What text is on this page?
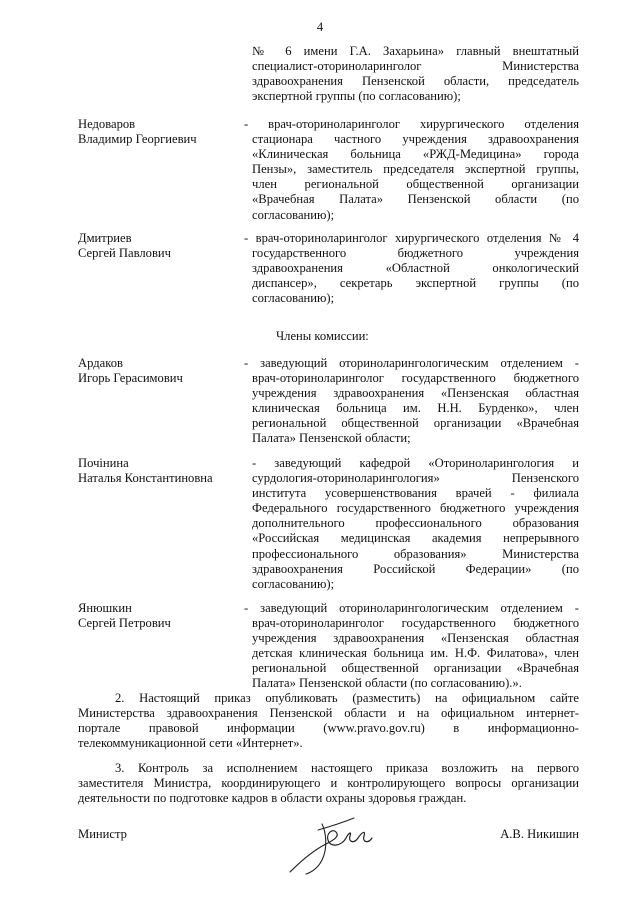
4
№ 6 имени Г.А. Захарьина» главный внештатный
специалист-оториноларинголог Министерства
здравоохранения Пензенской области, председатель
экспертной группы (по согласованию);
Недоваров
Владимир Георгиевич
- врач-оториноларинголог хирургического отделения
стационара частного учреждения здравоохранения
«Клиническая больница «РЖД-Медицина» города
Пензы», заместитель председателя экспертной группы,
член региональной общественной организации
«Врачебная Палата» Пензенской области (по
согласованию);
Дмитриев
Сергей Павлович
- врач-оториноларинголог хирургического отделения № 4
государственного бюджетного учреждения
здравоохранения «Областной онкологический
диспансер», секретарь экспертной группы (по
согласованию);
Члены комиссии:
Ардаков
Игорь Герасимович
- заведующий оториноларингологическим отделением -
врач-оториноларинголог государственного бюджетного
учреждения здравоохранения «Пензенская областная
клиническая больница им. Н.Н. Бурденко», член
региональной общественной организации «Врачебная
Палата» Пензенской области;
Почінина
Наталья Константиновна
- заведующий кафедрой «Оториноларингология и
сурдология-оториноларингология» Пензенского
института усовершенствования врачей - филиала
Федерального государственного бюджетного учреждения
дополнительного профессионального образования
«Российская медицинская академия непрерывного
профессионального образования» Министерства
здравоохранения Российской Федерации» (по
согласованию);
Янюшкин
Сергей Петрович
- заведующий оториноларингологическим отделением -
врач-оториноларинголог государственного бюджетного
учреждения здравоохранения «Пензенская областная
детская клиническая больница им. Н.Ф. Филатова», член
региональной общественной организации «Врачебная
Палата» Пензенской области (по согласованию).».
2. Настоящий приказ опубликовать (разместить) на официальном сайте
Министерства здравоохранения Пензенской области и на официальном интернет-
портале правовой информации (www.pravo.gov.ru) в информационно-
телекоммуникационной сети «Интернет».
3. Контроль за исполнением настоящего приказа возложить на первого
заместителя Министра, координирующего и контролирующего вопросы организации
деятельности по подготовке кадров в области охраны здоровья граждан.
Министр	А.В. Никишин
